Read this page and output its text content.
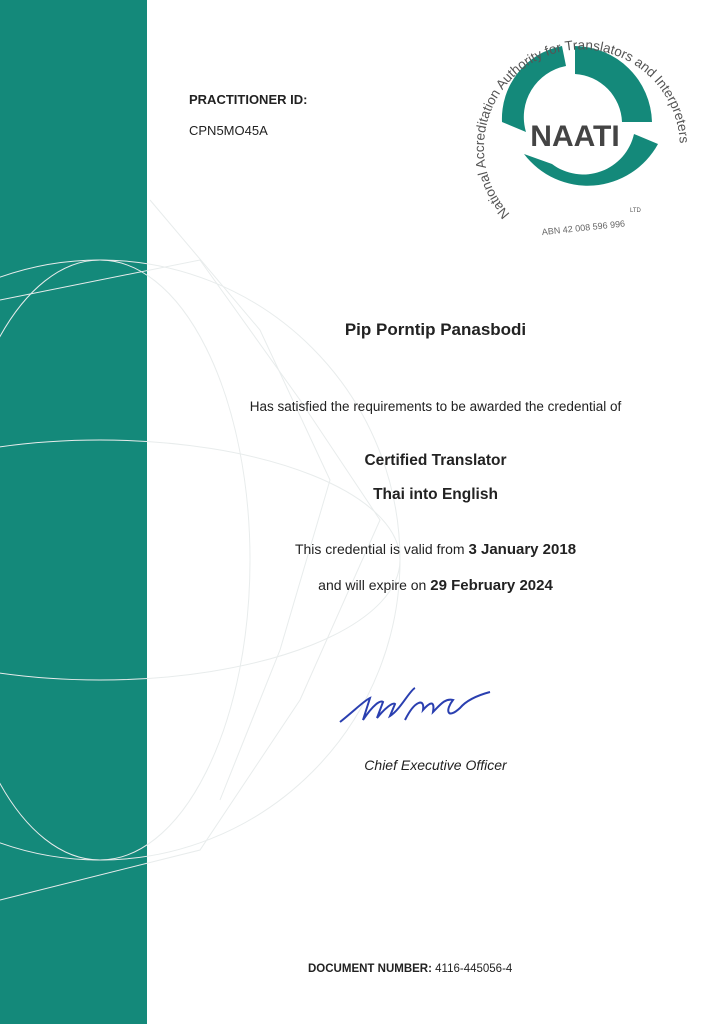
PRACTITIONER ID:
CPN5MO45A	NAATI
National Accreditation Authority for Translators and Interpreters
LTD
ABN 42 008 596 996
Pip Porntip Panasbodi
Has satisfied the requirements to be awarded the credential of
Certified Translator
Thai into English
This credential is valid from 3 January 2018
and will expire on 29 February 2024
Chief Executive Officer
DOCUMENT NUMBER: 4116-445056-4
